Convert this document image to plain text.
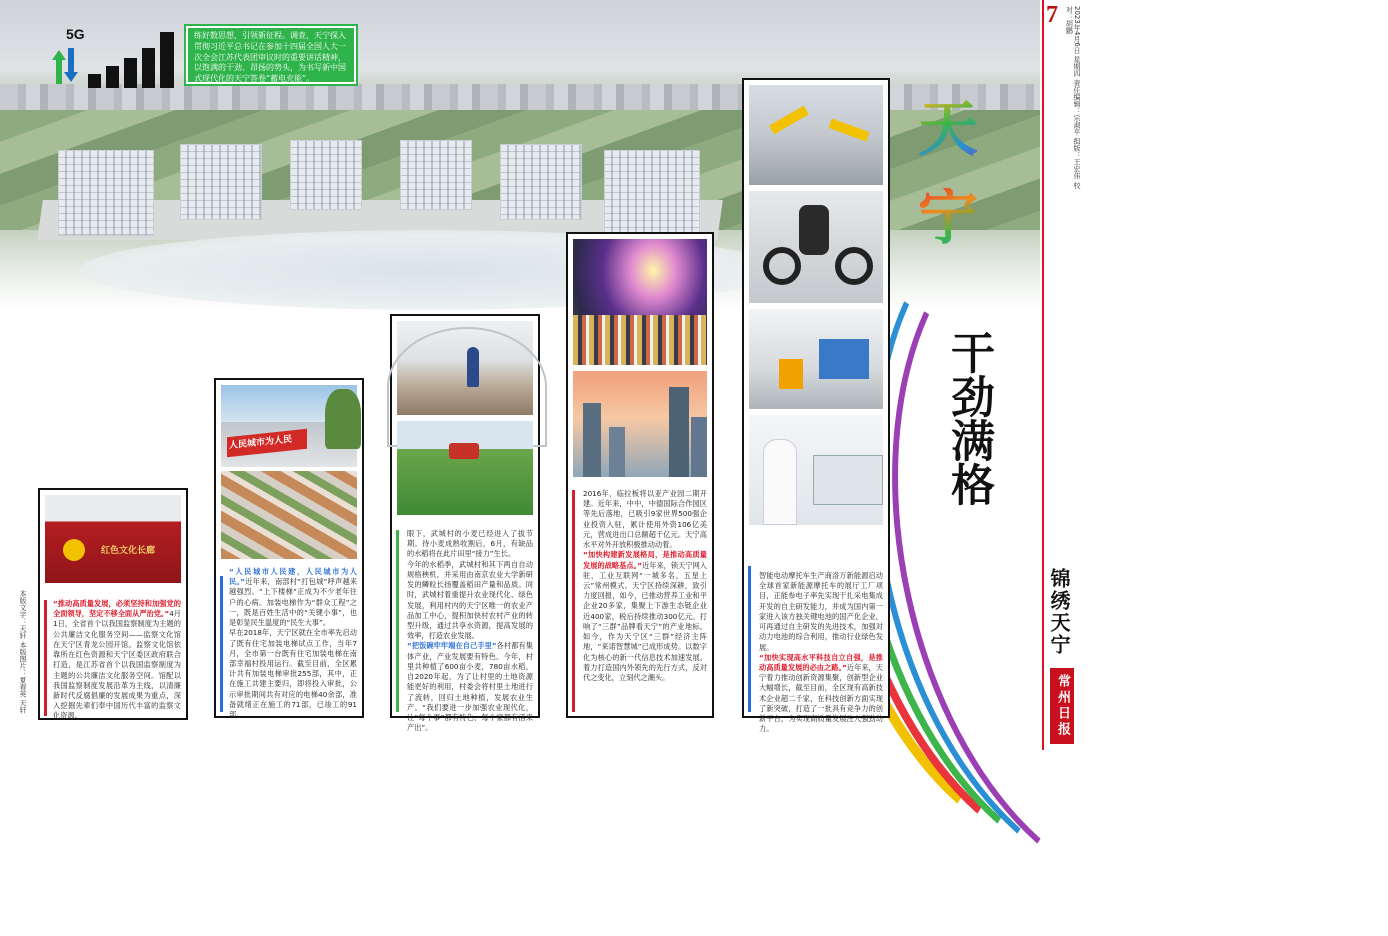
5G	练好数思想，引领新征程。调查，天宁探入贯彻习近平总书记在参加十四届全国人大一次全会江苏代表团审议时的重要讲话精神，以饱满的干劲、昂扬的势头，为书写新中国式现代化的天宁答卷“蓄电充能”。
天
宁
干劲满格
7	2023年4月6日 星期四 责任编辑：宗淑平 组版：王宏伟 校对：胡鹏
锦绣天宁
常州日报
本版文字：天轩 本版图片：夏春英 天轩
红色文化长廊
“推动高质量发展，必须坚持和加强党的全面领导，坚定不移全面从严治党。”4月1日，全省首个以我国监察制度为主题的公共廉洁文化服务空间——监察文化馆在天宁区青龙公园开馆。监察文化馆依靠所在红色资源和天宁区委区政府联合打造，是江苏省首个以我国监察制度为主题的公共廉洁文化服务空间。馆配以我国监察制度发展沿革为主线，以清廉新时代反腐倡廉的发展成果为重点，深入挖掘先辈们奉中国历代丰富的监察文化资源。
人民城市为人民
“人民城市人民建，人民城市为人民。”近年来，南部村“打包城”呼声越来越强烈。“上下楼梯”正成为不少老年住户的心病。加装电梯作为“群众工程”之一，既是百姓生活中的“关键小事”，也是彰显民生温度的“民生大事”。
早在2018年，天宁区就在全市率先启动了既有住宅加装电梯试点工作，当年7月，全市第一台既有住宅加装电梯在南部幸福村投用运行。截至目前，全区累计共有加装电梯审批255部，其中，正在施工共建主要归，即将投入审批，公示审批期间共有对应的电梯40余部，准备就绪正在施工的71部，已竣工的91部。
眼下，武城村的小麦已经进入了拔节期。待小麦成熟收割后，6月，有缺品的水稻将在此片田里“接力”生长。
今年的水稻季，武城村和其下两自自动规格秧机，并采用由南京农业大学新研发的鳞粒长扬覆盖稻田产量和品质。同时，武城村着重提升农业现代化、绿色发展，利用村内的天宁区唯一的农业产品加工中心，提积加快村农村产业的转型升级，通过共享水资源，提高发展的效率，打造农业发展。
“把饭碗牢牢端在自己手里”各村都有集体产业，产业发展要有特色。今年，村里共种植了600亩小麦，780亩水稻，自2020年起，为了让村里的土地资源能更好的利用，村委会将村里土地进行了流转，回归土地种植，发展农业生产。“我们要进一步加强农业现代化，让“每个事”都有特色、每个家都有活来产出”。
2016年，临拉板将以亚产业园二期开建。近年来，中中，中德国际合作园区等先后落地，已吸引9家世界500强企业投资入驻，累计使用外资106亿美元，营成进出口总额超千亿元。天宁高水平对外开放积极推动动着。
“加快构建新发展格局，是推动高质量发展的战略基点。”近年来，锁天宁网入驻，工业互联网“一城多名，五星上云”常州模式。天宁区持续深耕，致引力度回报，如今，已推动营养工业和平企业20多家，集聚上下游生态链企业近400家，税后持续推动300亿元。打响了“三群”品牌看天宁”的产业地标。如今，作为天宁区“三群”经济主阵地，“来诺智慧城”已成形成势。以数字化为核心的新一代信息技术加速发展。着力打造国内外领先的先行方式，反对代之变化，立刻代之潮头。
智能电动摩托车生产商洛万新能源启动全球首家新能源摩托车的展厅工厂项目，正能参电子率先实现干扎采电集成开发的自主研发能力，并成为国内第一家进入该方独关键电池的国产化企业，可再通过自主研发的先进技术，加强对动力电池的综合利用，推动行业绿色发展。
“加快实现高水平科技自立自强，是推动高质量发展的必由之路。”近年来，天宁着力推动创新资源集聚，创新型企业大幅增长，截至目前，全区现有高新技术企业超二千家，在科技创新方面实现了新突破，打造了一批具有竞争力的创新平台，为实现高质量发展注入强劲动力。
